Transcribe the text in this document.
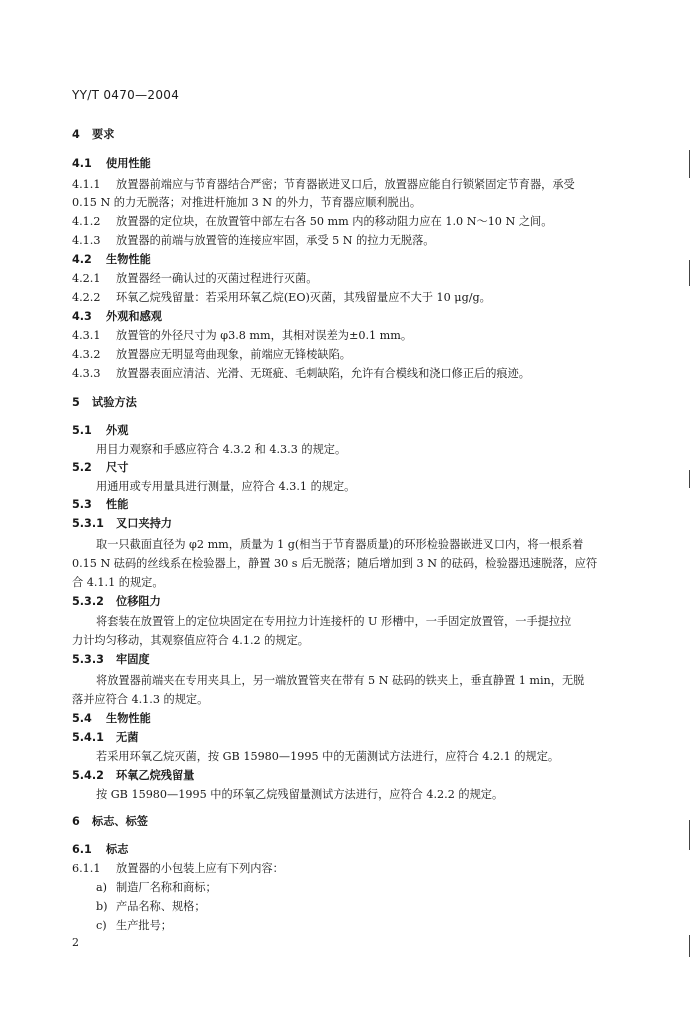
YY/T 0470—2004
4 要求
4.1 使用性能
4.1.1 放置器前端应与节育器结合严密；节育器嵌进叉口后，放置器应能自行锁紧固定节育器，承受
0.15 N 的力无脱落；对推进杆施加 3 N 的外力，节育器应顺利脱出。
4.1.2 放置器的定位块，在放置管中部左右各 50 mm 内的移动阻力应在 1.0 N～10 N 之间。
4.1.3 放置器的前端与放置管的连接应牢固，承受 5 N 的拉力无脱落。
4.2 生物性能
4.2.1 放置器经一确认过的灭菌过程进行灭菌。
4.2.2 环氧乙烷残留量：若采用环氧乙烷(EO)灭菌，其残留量应不大于 10 μg/g。
4.3 外观和感观
4.3.1 放置管的外径尺寸为 φ3.8 mm，其相对误差为±0.1 mm。
4.3.2 放置器应无明显弯曲现象，前端应无锋棱缺陷。
4.3.3 放置器表面应清洁、光滑、无斑疵、毛刺缺陷，允许有合模线和浇口修正后的痕迹。
5 试验方法
5.1 外观
用目力观察和手感应符合 4.3.2 和 4.3.3 的规定。
5.2 尺寸
用通用或专用量具进行测量，应符合 4.3.1 的规定。
5.3 性能
5.3.1 叉口夹持力
取一只截面直径为 φ2 mm，质量为 1 g(相当于节育器质量)的环形检验器嵌进叉口内，将一根系着
0.15 N 砝码的丝线系在检验器上，静置 30 s 后无脱落；随后增加到 3 N 的砝码，检验器迅速脱落，应符
合 4.1.1 的规定。
5.3.2 位移阻力
将套装在放置管上的定位块固定在专用拉力计连接杆的 U 形槽中，一手固定放置管，一手提拉拉
力计均匀移动，其观察值应符合 4.1.2 的规定。
5.3.3 牢固度
将放置器前端夹在专用夹具上，另一端放置管夹在带有 5 N 砝码的铁夹上，垂直静置 1 min，无脱
落并应符合 4.1.3 的规定。
5.4 生物性能
5.4.1 无菌
若采用环氧乙烷灭菌，按 GB 15980—1995 中的无菌测试方法进行，应符合 4.2.1 的规定。
5.4.2 环氧乙烷残留量
按 GB 15980—1995 中的环氧乙烷残留量测试方法进行，应符合 4.2.2 的规定。
6 标志、标签
6.1 标志
6.1.1 放置器的小包装上应有下列内容：
a) 制造厂名称和商标；
b) 产品名称、规格；
c) 生产批号；
2
